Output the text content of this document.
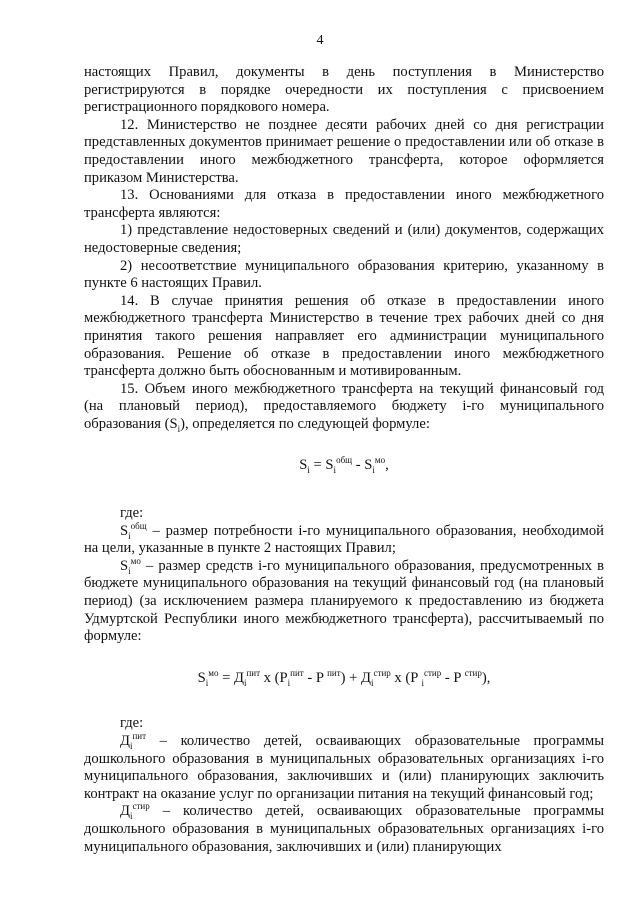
4

настоящих Правил, документы в день поступления в Министерство регистрируются в порядке очередности их поступления с присвоением регистрационного порядкового номера.

12. Министерство не позднее десяти рабочих дней со дня регистрации представленных документов принимает решение о предоставлении или об отказе в предоставлении иного межбюджетного трансферта, которое оформляется приказом Министерства.

13. Основаниями для отказа в предоставлении иного межбюджетного трансферта являются:

1) представление недостоверных сведений и (или) документов, содержащих недостоверные сведения;

2) несоответствие муниципального образования критерию, указанному в пункте 6 настоящих Правил.

14. В случае принятия решения об отказе в предоставлении иного межбюджетного трансферта Министерство в течение трех рабочих дней со дня принятия такого решения направляет его администрации муниципального образования. Решение об отказе в предоставлении иного межбюджетного трансферта должно быть обоснованным и мотивированным.

15. Объем иного межбюджетного трансферта на текущий финансовый год (на плановый период), предоставляемого бюджету i-го муниципального образования $(S_i)$, определяется по следующей формуле:

$S_i = S_i^{общ} - S_i^{мо}$,

где:

$S_i^{общ}$ – размер потребности i-го муниципального образования, необходимой на цели, указанные в пункте 2 настоящих Правил;

$S_i^{мо}$ – размер средств i-го муниципального образования, предусмотренных в бюджете муниципального образования на текущий финансовый год (на плановый период) (за исключением размера планируемого к предоставлению из бюджета Удмуртской Республики иного межбюджетного трансферта), рассчитываемый по формуле:

$S_i^{мо} = Д_i^{пит}$ x ($P_i^{пит}$ - P $^{пит}) + Д_i^{стир}$ x (P $_i^{стир}$ - P $^{стир}$),

где:

$Д_i^{пит}$ – количество детей, осваивающих образовательные программы дошкольного образования в муниципальных образовательных организациях i-го муниципального образования, заключивших и (или) планирующих заключить контракт на оказание услуг по организации питания на текущий финансовый год;

$Д_i^{стир}$ – количество детей, осваивающих образовательные программы дошкольного образования в муниципальных образовательных организациях i-го муниципального образования, заключивших и (или) планирующих
